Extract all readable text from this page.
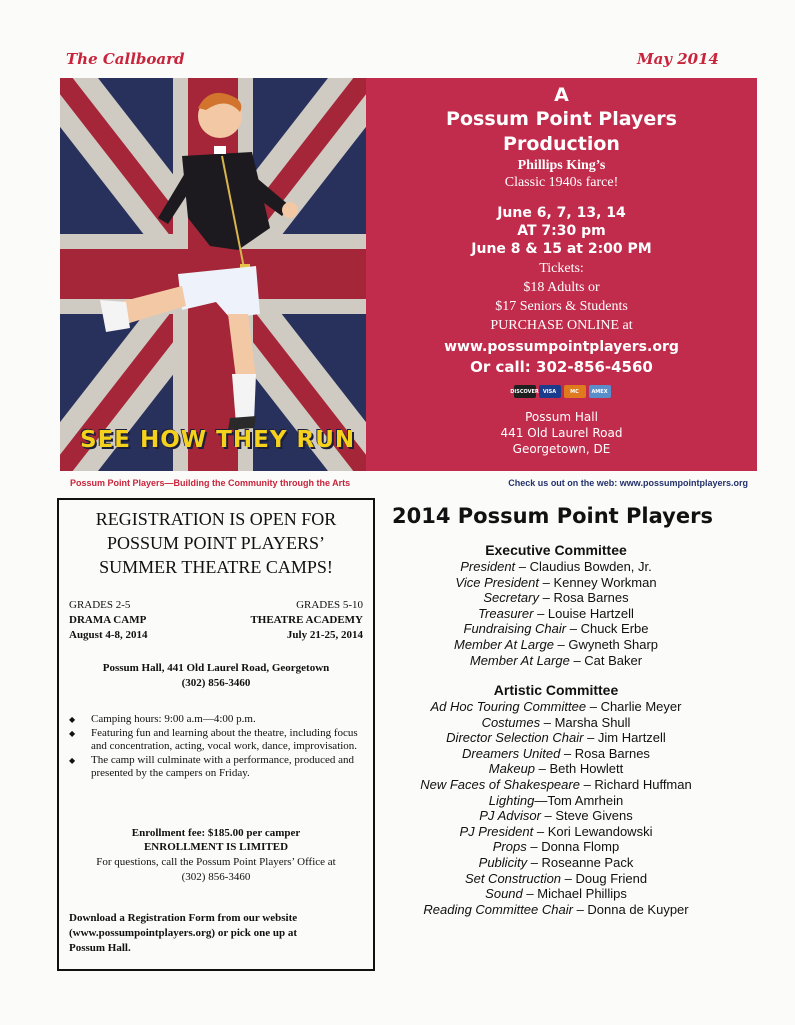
The Callboard	May 2014
SEE HOW THEY RUN
A
Possum Point Players
Production
Phillips King’s
Classic 1940s farce!
June 6, 7, 13, 14
AT 7:30 pm
June 8 & 15 at 2:00 PM
Tickets:
$18 Adults or
$17 Seniors & Students
PURCHASE ONLINE at
www.possumpointplayers.org
Or call: 302-856-4560
DISCOVER VISA	MC	AMEX
Possum Hall
441 Old Laurel Road
Georgetown, DE
Possum Point Players—Building the Community through the Arts	Check us out on the web: www.possumpointplayers.org
REGISTRATION IS OPEN FOR
POSSUM POINT PLAYERS’
SUMMER THEATRE CAMPS!
GRADES 2-5	GRADES 5-10
DRAMA CAMP	THEATRE ACADEMY
August 4-8, 2014	July 21-25, 2014
Possum Hall, 441 Old Laurel Road, Georgetown
(302) 856-3460
◆ Camping hours: 9:00 a.m—4:00 p.m.
◆ Featuring fun and learning about the theatre, including focus and concentration, acting, vocal work, dance, improvisation.
◆ The camp will culminate with a performance, produced and presented by the campers on Friday.
Enrollment fee: $185.00 per camper
ENROLLMENT IS LIMITED
For questions, call the Possum Point Players’ Office at
(302) 856-3460
Download a Registration Form from our website
(www.possumpointplayers.org) or pick one up at
Possum Hall.
2014 Possum Point Players
Executive Committee
President – Claudius Bowden, Jr.
Vice President – Kenney Workman
Secretary – Rosa Barnes
Treasurer – Louise Hartzell
Fundraising Chair – Chuck Erbe
Member At Large – Gwyneth Sharp
Member At Large – Cat Baker
Artistic Committee
Ad Hoc Touring Committee – Charlie Meyer
Costumes – Marsha Shull
Director Selection Chair – Jim Hartzell
Dreamers United – Rosa Barnes
Makeup – Beth Howlett
New Faces of Shakespeare – Richard Huffman
Lighting—Tom Amrhein
PJ Advisor – Steve Givens
PJ President – Kori Lewandowski
Props – Donna Flomp
Publicity – Roseanne Pack
Set Construction – Doug Friend
Sound – Michael Phillips
Reading Committee Chair – Donna de Kuyper
